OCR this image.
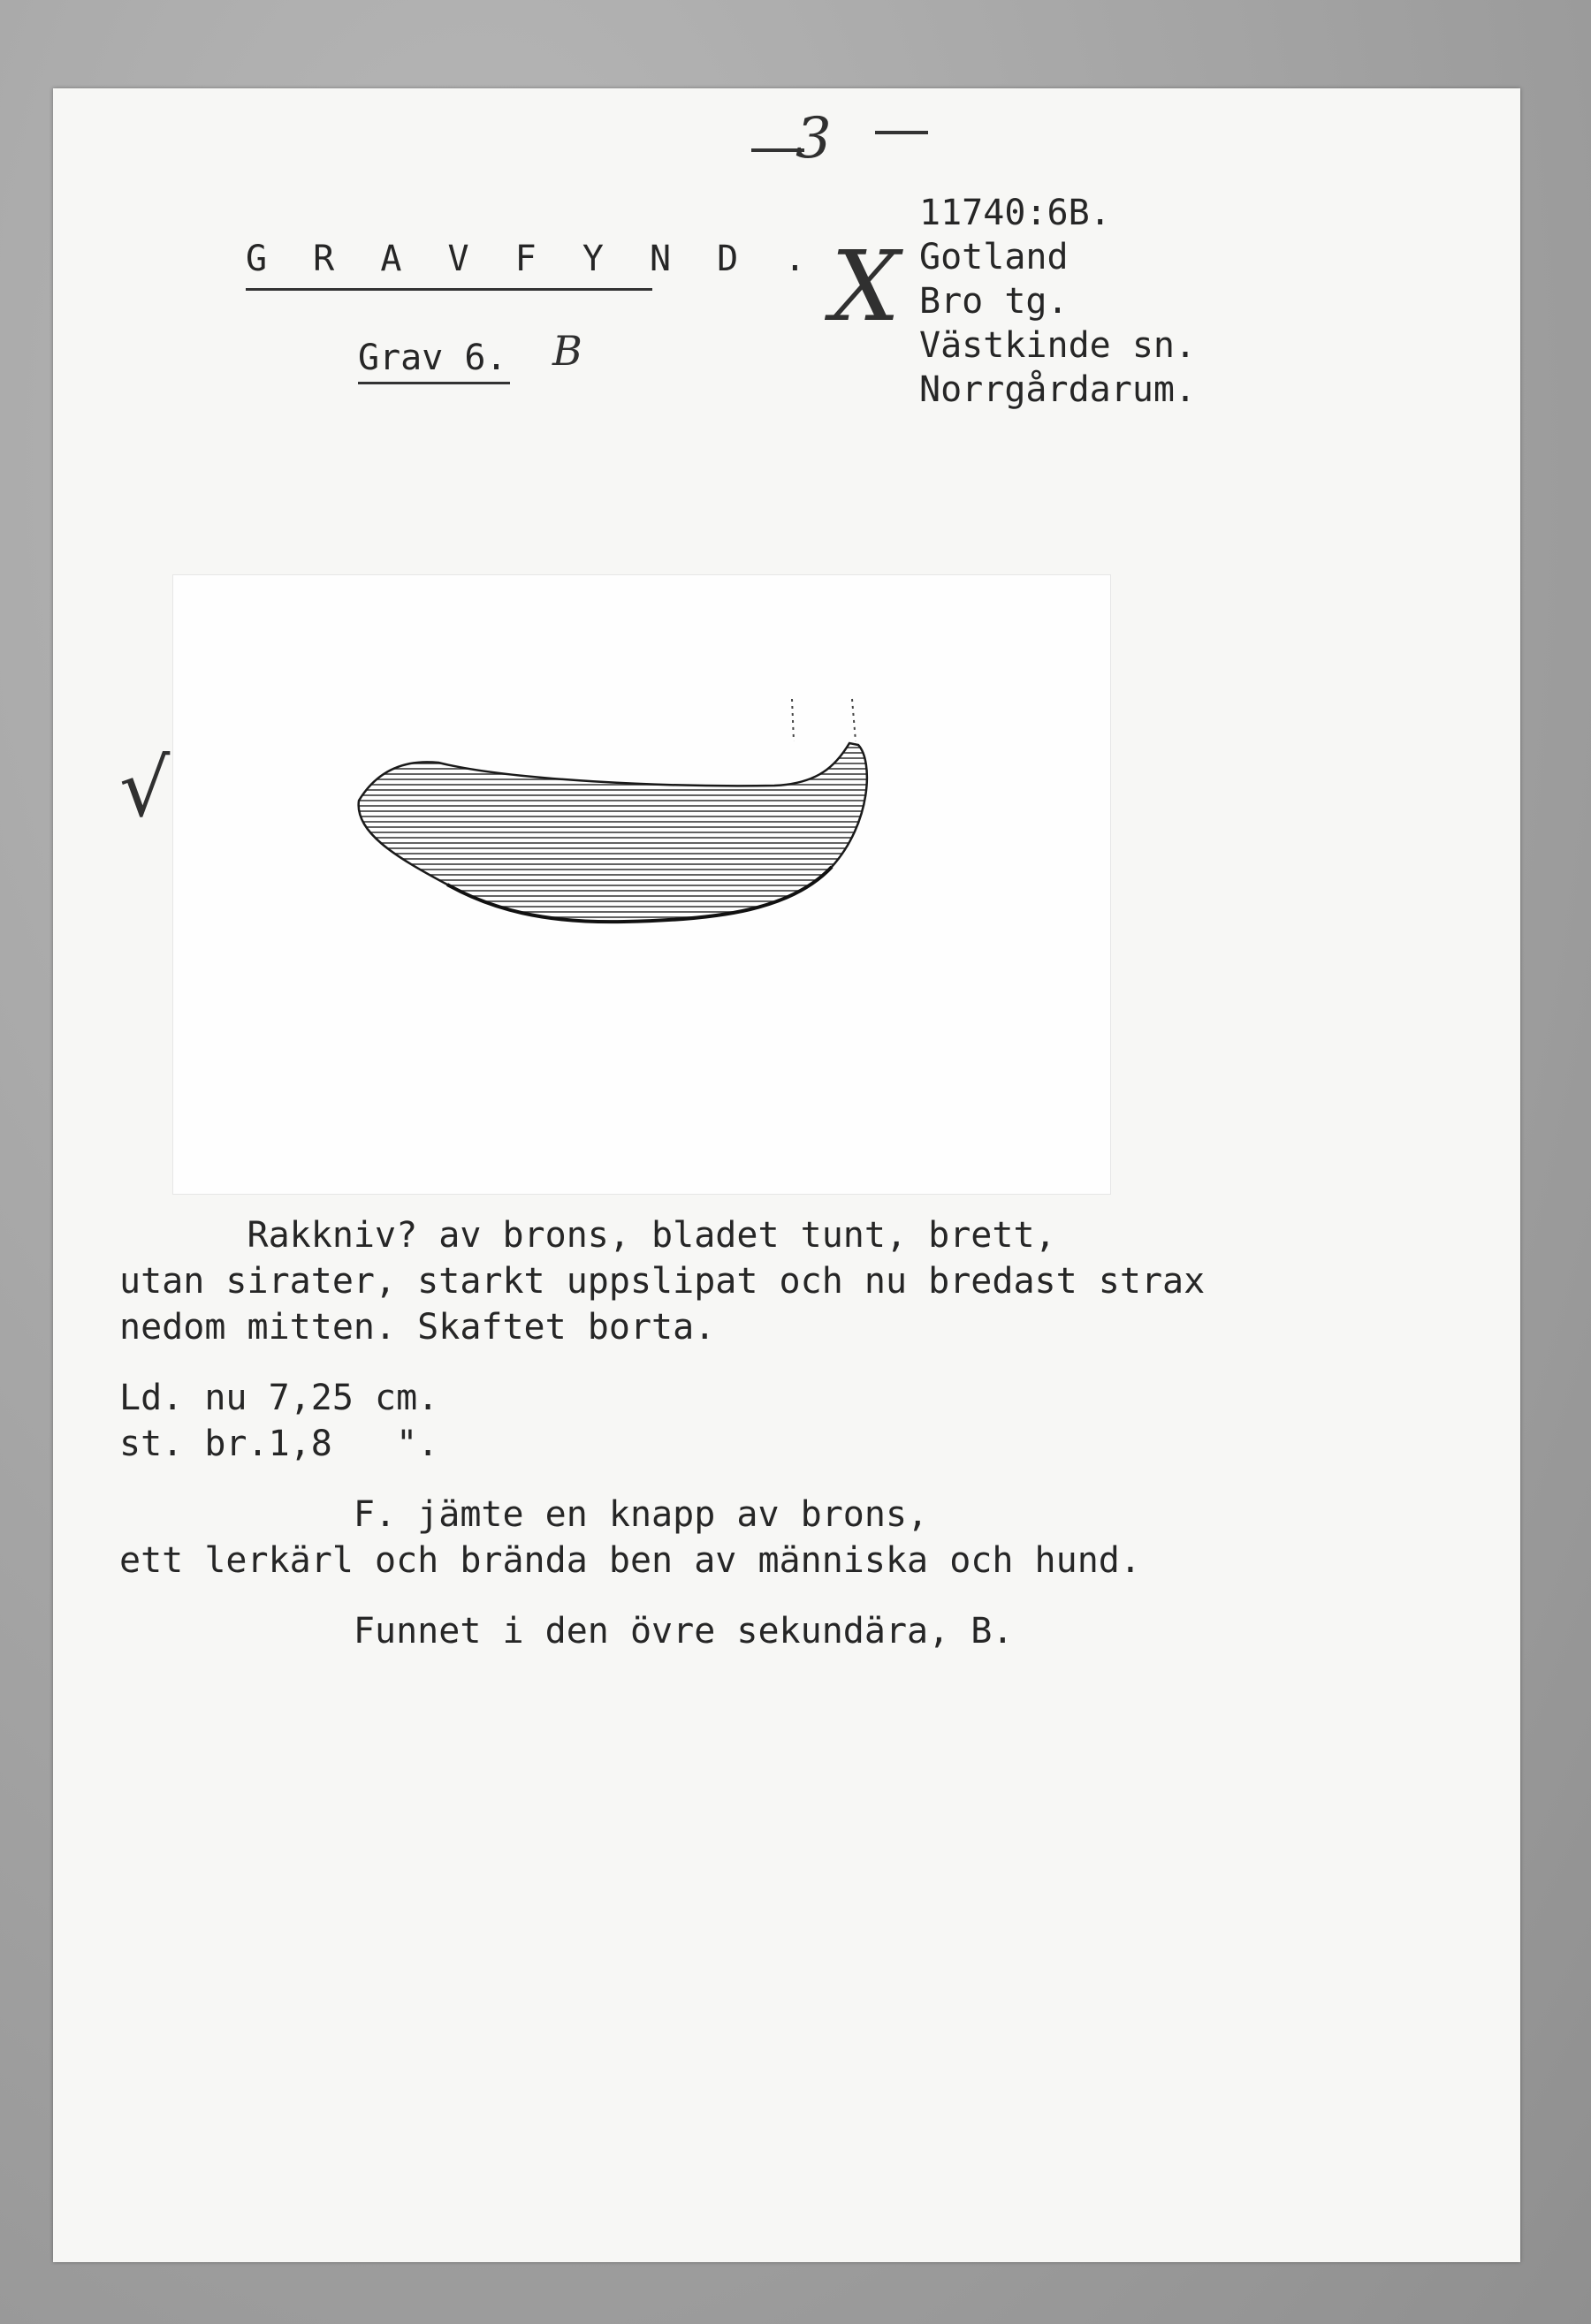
3
G R A V F Y N D .
Grav 6. B
X
11740:6B.
Gotland
Bro tg.
Västkinde sn.
Norrgårdarum.
√
Rakkniv? av brons, bladet tunt, brett,
utan sirater, starkt uppslipat och nu bredast strax
nedom mitten. Skaftet borta.
Ld. nu 7,25 cm.
st. br.1,8   ".
F. jämte en knapp av brons,
ett lerkärl och brända ben av människa och hund.
Funnet i den övre sekundära, B.
